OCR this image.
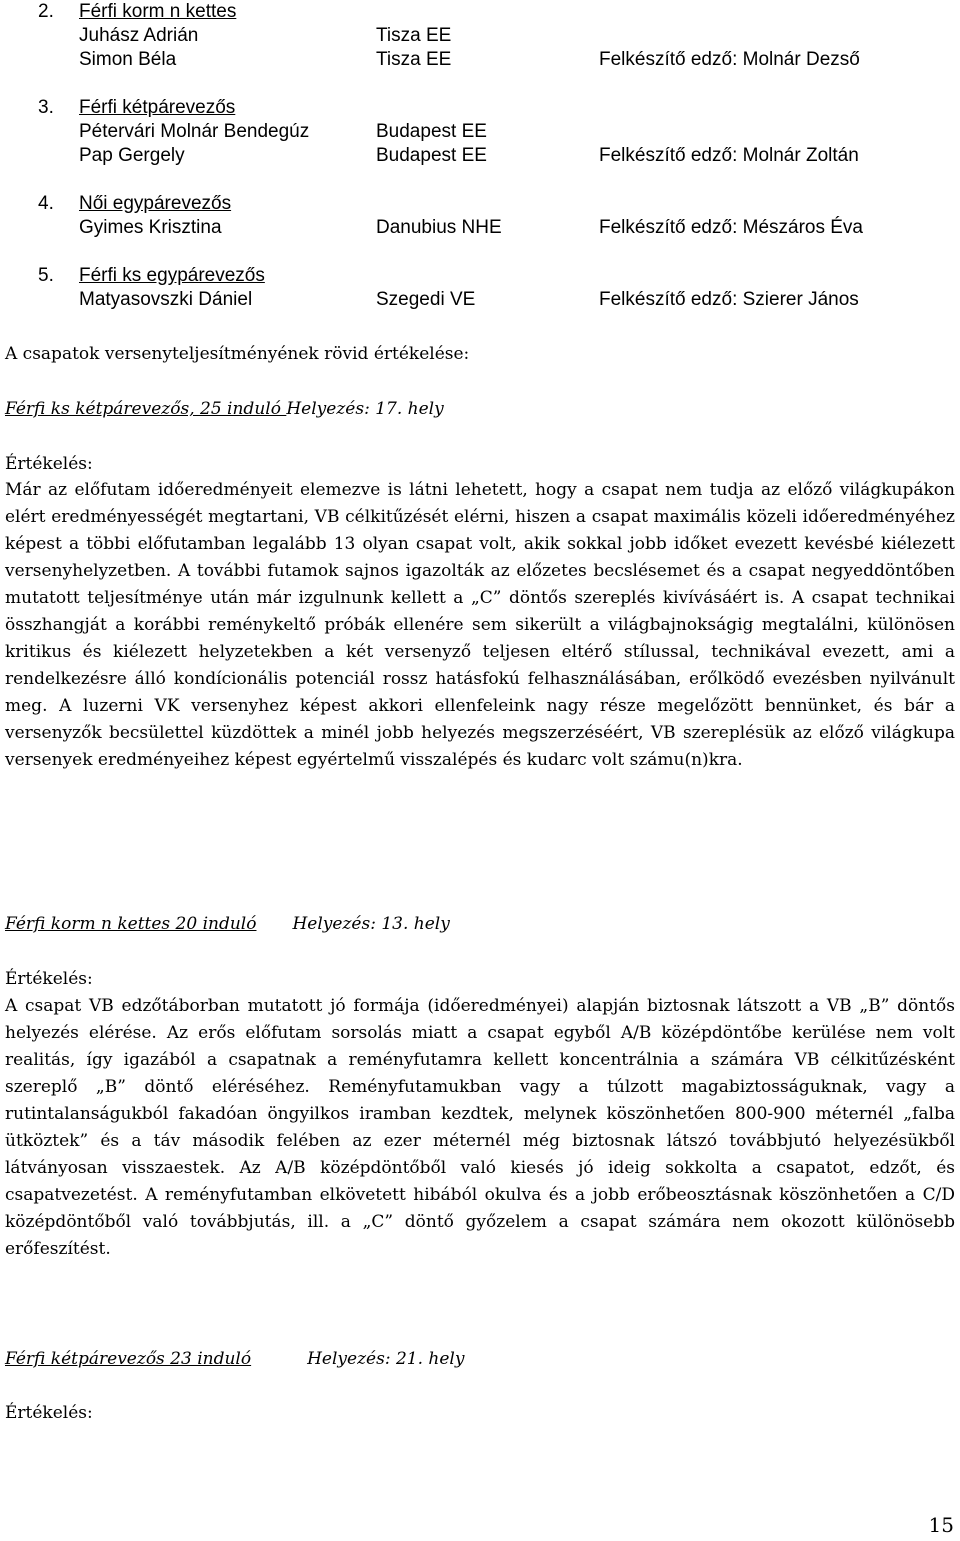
2. Férfi korm n kettes
Juhász Adrián	Tisza EE
Simon Béla	Tisza EE	Felkészítő edző: Molnár Dezső
3. Férfi kétpárevezős
Pétervári Molnár Bendegúz	Budapest EE
Pap Gergely	Budapest EE	Felkészítő edző: Molnár Zoltán
4. Női egypárevezős
Gyimes Krisztina	Danubius NHE	Felkészítő edző: Mészáros Éva
5. Férfi ks egypárevezős
Matyasovszki Dániel	Szegedi VE	Felkészítő edző: Szierer János

A csapatok versenyteljesítményének rövid értékelése:

Férfi ks kétpárevezős, 25 induló Helyezés: 17. hely

Értékelés:

Már az előfutam időeredményeit elemezve is látni lehetett, hogy a csapat nem tudja az előző világkupákon elért eredményességét megtartani, VB célkitűzését elérni, hiszen a csapat maximális közeli időeredményéhez képest a többi előfutamban legalább 13 olyan csapat volt, akik sokkal jobb időket evezett kevésbé kiélezett versenyhelyzetben. A további futamok sajnos igazolták az előzetes becslésemet és a csapat negyeddöntőben mutatott teljesítménye után már izgulnunk kellett a „C” döntős szereplés kivívásáért is. A csapat technikai összhangját a korábbi reménykeltő próbák ellenére sem sikerült a világbajnokságig megtalálni, különösen kritikus és kiélezett helyzetekben a két versenyző teljesen eltérő stílussal, technikával evezett, ami a rendelkezésre álló kondícionális potenciál rossz hatásfokú felhasználásában, erőlködő evezésben nyilvánult meg. A luzerni VK versenyhez képest akkori ellenfeleink nagy része megelőzött bennünket, és bár a versenyzők becsülettel küzdöttek a minél jobb helyezés megszerzéséért, VB szereplésük az előző világkupa versenyek eredményeihez képest egyértelmű visszalépés és kudarc volt számu(n)kra.

Férfi korm n kettes 20 induló Helyezés: 13. hely

Értékelés:

A csapat VB edzőtáborban mutatott jó formája (időeredményei) alapján biztosnak látszott a VB „B” döntős helyezés elérése. Az erős előfutam sorsolás miatt a csapat egyből A/B középdöntőbe kerülése nem volt realitás, így igazából a csapatnak a reményfutamra kellett koncentrálnia a számára VB célkitűzésként szereplő „B” döntő eléréséhez. Reményfutamukban vagy a túlzott magabiztosságuknak, vagy a rutintalanságukból fakadóan öngyilkos iramban kezdtek, melynek köszönhetően 800-900 méternél „falba ütköztek” és a táv második felében az ezer méternél még biztosnak látszó továbbjutó helyezésükből látványosan visszaestek. Az A/B középdöntőből való kiesés jó ideig sokkolta a csapatot, edzőt, és csapatvezetést. A reményfutamban elkövetett hibából okulva és a jobb erőbeosztásnak köszönhetően a C/D középdöntőből való továbbjutás, ill. a „C” döntő győzelem a csapat számára nem okozott különösebb erőfeszítést.

Férfi kétpárevezős 23 induló	Helyezés: 21. hely

Értékelés:

15
